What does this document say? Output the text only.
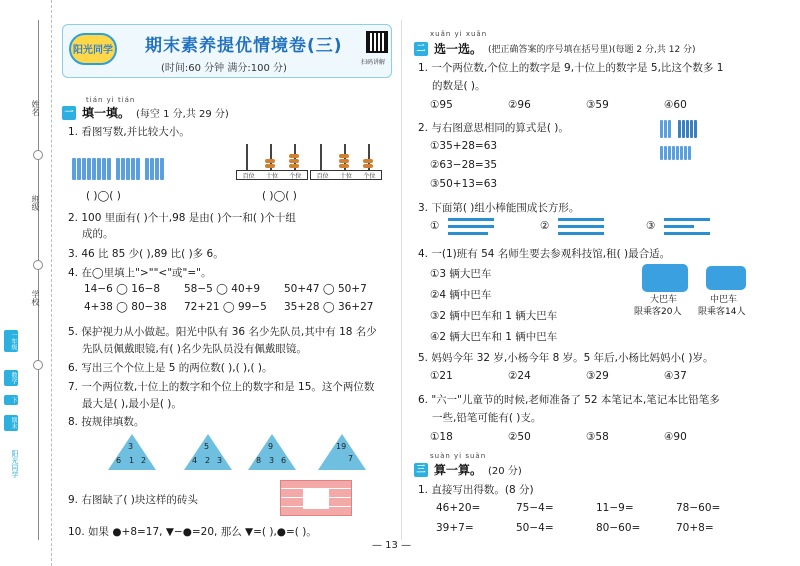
姓名
班级
学校
一年级
数学
下
期末
阳光同学
阳光同学 期末素养提优情境卷(三)
(时间:60 分钟 满分:100 分)
扫码讲解
tián yi tián
一 填一填。 (每空 1 分,共 29 分)
1. 看图写数,并比较大小。
百位 十位 个位	百位 十位 个位
( )◯( )	( )◯( )
2. 100 里面有( )个十,98 是由( )个一和( )个十组
成的。
3. 46 比 85 少( ),89 比( )多 6。
4. 在◯里填上">""<"或"="。
14−6 ◯ 16−8	58−5 ◯ 40+9	50+47 ◯ 50+7
4+38 ◯ 80−38	72+21 ◯ 99−5	35+28 ◯ 36+27
5. 保护视力从小做起。阳光中队有 36 名少先队员,其中有 18 名少
先队员佩戴眼镜,有( )名少先队员没有佩戴眼镜。
6. 写出三个个位上是 5 的两位数( ),( ),( )。
7. 一个两位数,十位上的数字和个位上的数字和是 15。这个两位数
最大是( ),最小是( )。
8. 按规律填数。
3
6 1 2
5
4 2 3
9
8 3 6
19
7
9. 右图缺了( )块这样的砖头
10. 如果 ●+8=17, ▼−●=20, 那么 ▼=( ),●=( )。
xuǎn yi xuǎn
二 选一选。 (把正确答案的序号填在括号里)(每题 2 分,共 12 分)
1. 一个两位数,个位上的数字是 9,十位上的数字是 5,比这个数多 1
的数是( )。
①95	②96	③59	④60
2. 与右图意思相同的算式是( )。
①35+28=63
②63−28=35
③50+13=63
3. 下面第( )组小棒能围成长方形。
①	②	③
4. 一(1)班有 54 名师生要去参观科技馆,租( )最合适。
①3 辆大巴车
②4 辆中巴车
③2 辆中巴车和 1 辆大巴车
④2 辆大巴车和 1 辆中巴车
大巴车
限乘客20人
中巴车
限乘客14人
5. 妈妈今年 32 岁,小杨今年 8 岁。5 年后,小杨比妈妈小( )岁。
①21	②24	③29	④37
6. "六一"儿童节的时候,老师准备了 52 本笔记本,笔记本比铅笔多
一些,铅笔可能有( )支。
①18	②50	③58	④90
suàn yi suàn
三 算一算。 (20 分)
1. 直接写出得数。(8 分)
46+20=	75−4=	11−9=	78−60=
39+7=	50−4=	80−60=	70+8=
— 13 —
